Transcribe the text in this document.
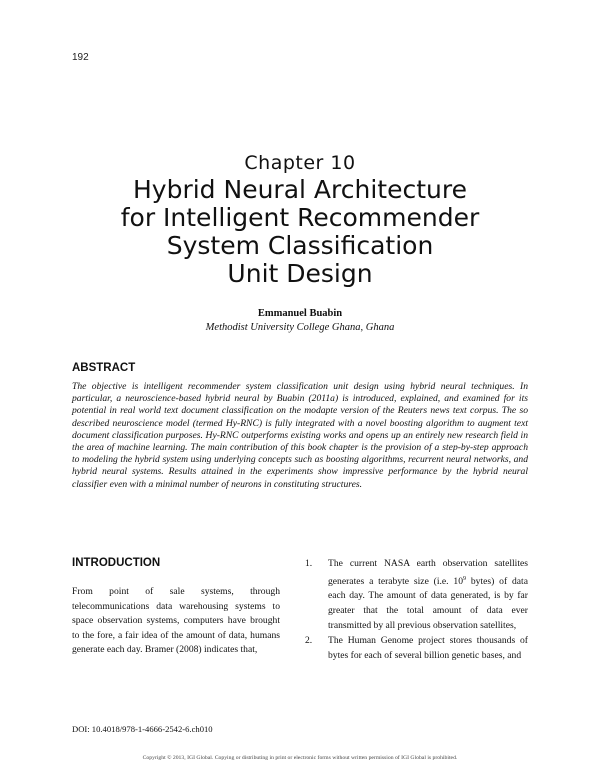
192
Chapter 10
Hybrid Neural Architecture
for Intelligent Recommender
System Classification
Unit Design
Emmanuel Buabin
Methodist University College Ghana, Ghana
ABSTRACT
The objective is intelligent recommender system classification unit design using hybrid neural techniques. In particular, a neuroscience-based hybrid neural by Buabin (2011a) is introduced, explained, and examined for its potential in real world text document classification on the modapte version of the Reuters news text corpus. The so described neuroscience model (termed Hy-RNC) is fully integrated with a novel boosting algorithm to augment text document classification purposes. Hy-RNC outperforms existing works and opens up an entirely new research field in the area of machine learning. The main contribution of this book chapter is the provision of a step-by-step approach to modeling the hybrid system using underlying concepts such as boosting algorithms, recurrent neural networks, and hybrid neural systems. Results attained in the experiments show impressive performance by the hybrid neural classifier even with a minimal number of neurons in constituting structures.
INTRODUCTION
From point of sale systems, through telecommunications data warehousing systems to space observation systems, computers have brought to the fore, a fair idea of the amount of data, humans generate each day. Bramer (2008) indicates that,
1. The current NASA earth observation satellites generates a terabyte size (i.e. $10^9$ bytes) of data each day. The amount of data generated, is by far greater that the total amount of data ever transmitted by all previous observation satellites,
2. The Human Genome project stores thousands of bytes for each of several billion genetic bases, and
DOI: 10.4018/978-1-4666-2542-6.ch010
Copyright © 2013, IGI Global. Copying or distributing in print or electronic forms without written permission of IGI Global is prohibited.
